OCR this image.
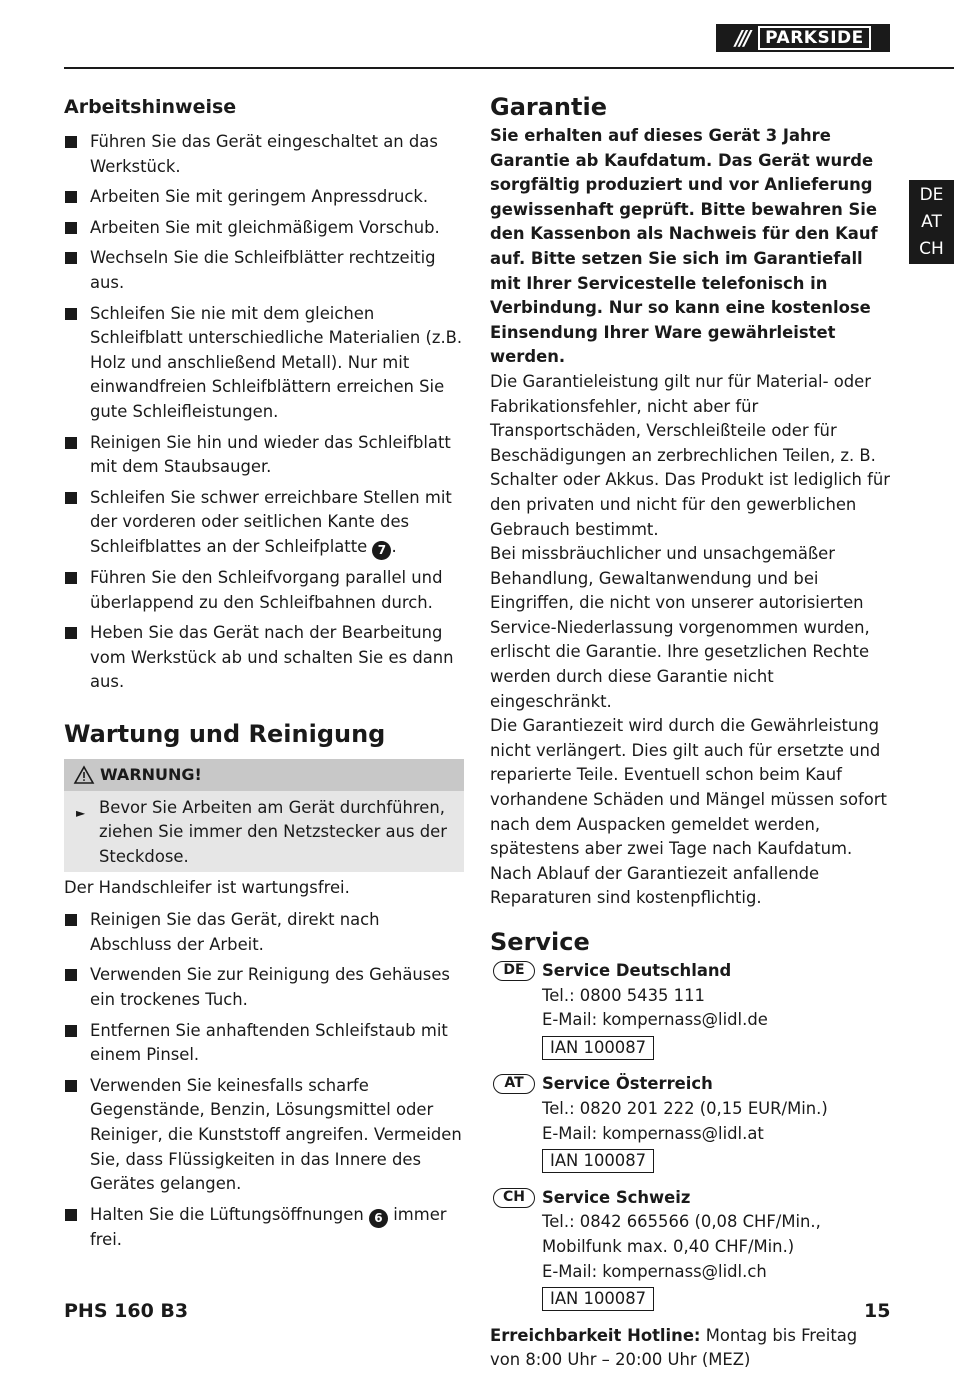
///	PARKSIDE
DE
AT
CH
Arbeitshinweise
Führen Sie das Gerät eingeschaltet an das Werkstück.
Arbeiten Sie mit geringem Anpressdruck.
Arbeiten Sie mit gleichmäßigem Vorschub.
Wechseln Sie die Schleifblätter rechtzeitig aus.
Schleifen Sie nie mit dem gleichen Schleifblatt unterschiedliche Materialien (z.B. Holz und anschließend Metall). Nur mit einwandfreien Schleifblättern erreichen Sie gute Schleifleistungen.
Reinigen Sie hin und wieder das Schleifblatt mit dem Staubsauger.
Schleifen Sie schwer erreichbare Stellen mit der vorderen oder seitlichen Kante des Schleifblattes an der Schleifplatte 7 .
Führen Sie den Schleifvorgang parallel und überlappend zu den Schleifbahnen durch.
Heben Sie das Gerät nach der Bearbeitung vom Werkstück ab und schalten Sie es dann aus.
Wartung und Reinigung
WARNUNG!
► Bevor Sie Arbeiten am Gerät durchführen, ziehen Sie immer den Netzstecker aus der Steckdose.

Der Handschleifer ist wartungsfrei.

Reinigen Sie das Gerät, direkt nach Abschluss der Arbeit.
Verwenden Sie zur Reinigung des Gehäuses ein trockenes Tuch.
Entfernen Sie anhaftenden Schleifstaub mit einem Pinsel.
Verwenden Sie keinesfalls scharfe Gegenstände, Benzin, Lösungsmittel oder Reiniger, die Kunststoff angreifen. Vermeiden Sie, dass Flüssigkeiten in das Innere des Gerätes gelangen.
Halten Sie die Lüftungsöffnungen 6 immer frei.
Garantie

Sie erhalten auf dieses Gerät 3 Jahre Garantie ab Kaufdatum. Das Gerät wurde sorgfältig produziert und vor Anlieferung gewissenhaft geprüft. Bitte bewahren Sie den Kassenbon als Nachweis für den Kauf auf. Bitte setzen Sie sich im Garantiefall mit Ihrer Servicestelle telefonisch in Verbindung. Nur so kann eine kostenlose Einsendung Ihrer Ware gewährleistet werden.

Die Garantieleistung gilt nur für Material- oder Fabrikationsfehler, nicht aber für Transportschäden, Verschleißteile oder für Beschädigungen an zerbrechlichen Teilen, z. B. Schalter oder Akkus. Das Produkt ist lediglich für den privaten und nicht für den gewerblichen Gebrauch bestimmt.

Bei missbräuchlicher und unsachgemäßer Behandlung, Gewaltanwendung und bei Eingriffen, die nicht von unserer autorisierten Service-Niederlassung vorgenommen wurden, erlischt die Garantie. Ihre gesetzlichen Rechte werden durch diese Garantie nicht eingeschränkt.

Die Garantiezeit wird durch die Gewährleistung nicht verlängert. Dies gilt auch für ersetzte und reparierte Teile. Eventuell schon beim Kauf vorhandene Schäden und Mängel müssen sofort nach dem Auspacken gemeldet werden, spätestens aber zwei Tage nach Kaufdatum. Nach Ablauf der Garantiezeit anfallende Reparaturen sind kostenpflichtig.

Service
DE	Service Deutschland
Tel.: 0800 5435 111
E-Mail: kompernass@lidl.de
IAN 100087
AT	Service Österreich
Tel.: 0820 201 222 (0,15 EUR/Min.)
E-Mail: kompernass@lidl.at
IAN 100087
CH	Service Schweiz
Tel.: 0842 665566 (0,08 CHF/Min.,
Mobilfunk max. 0,40 CHF/Min.)
E-Mail: kompernass@lidl.ch
IAN 100087

Erreichbarkeit Hotline: Montag bis Freitag von 8:00 Uhr – 20:00 Uhr (MEZ)

PHS 160 B3	15
